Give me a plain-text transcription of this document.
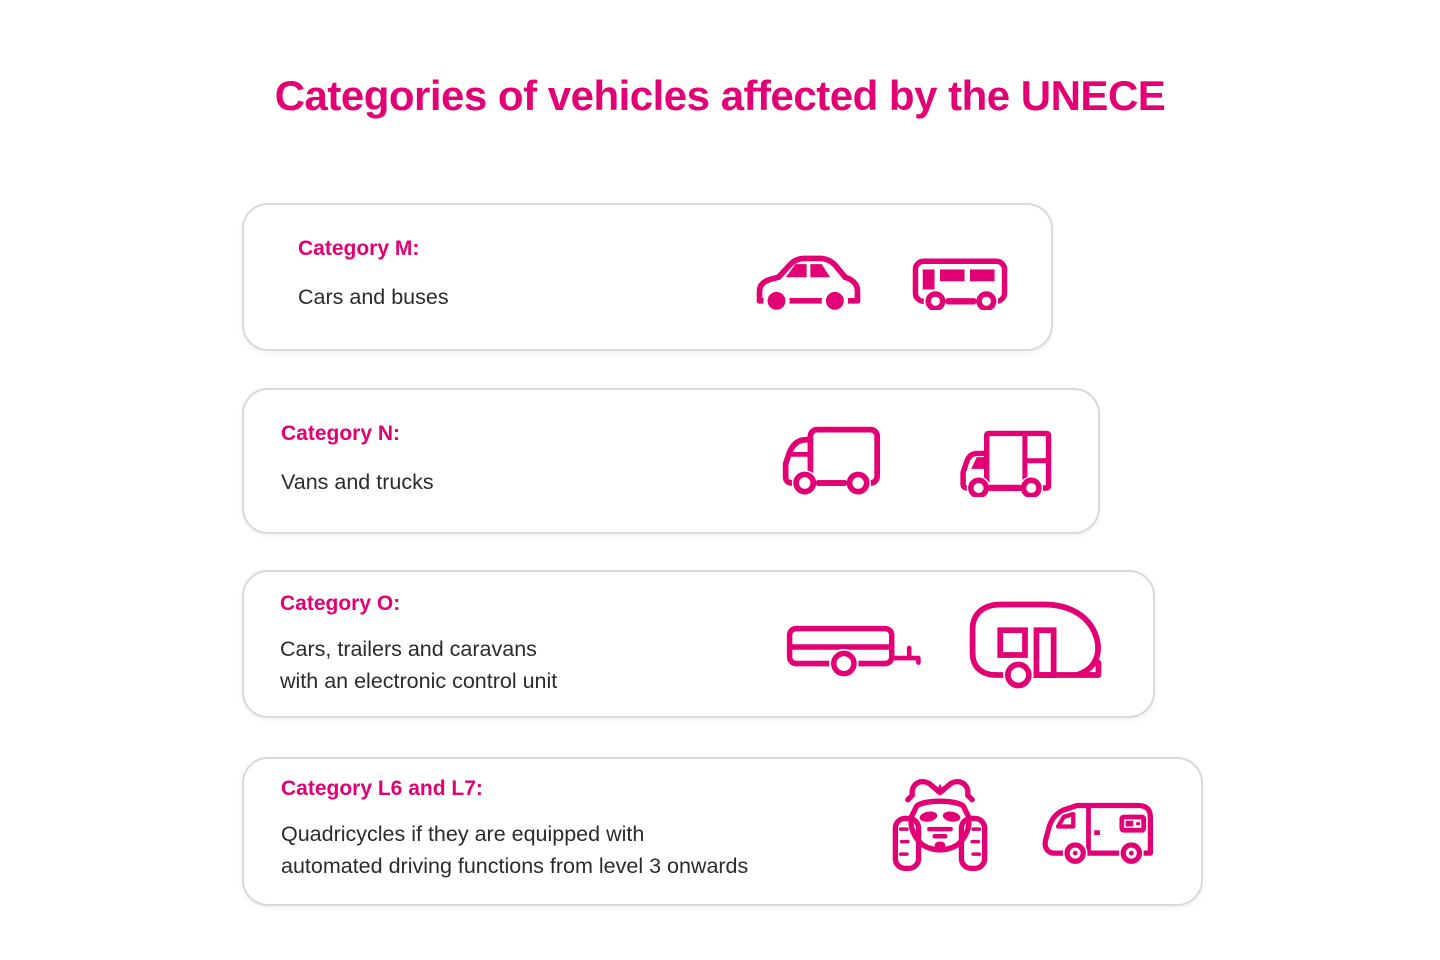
Categories of vehicles affected by the UNECE
Category M:
Cars and buses
Category N:
Vans and trucks
Category O:
Cars, trailers and caravans
with an electronic control unit
Category L6 and L7:
Quadricycles if they are equipped with
automated driving functions from level 3 onwards
